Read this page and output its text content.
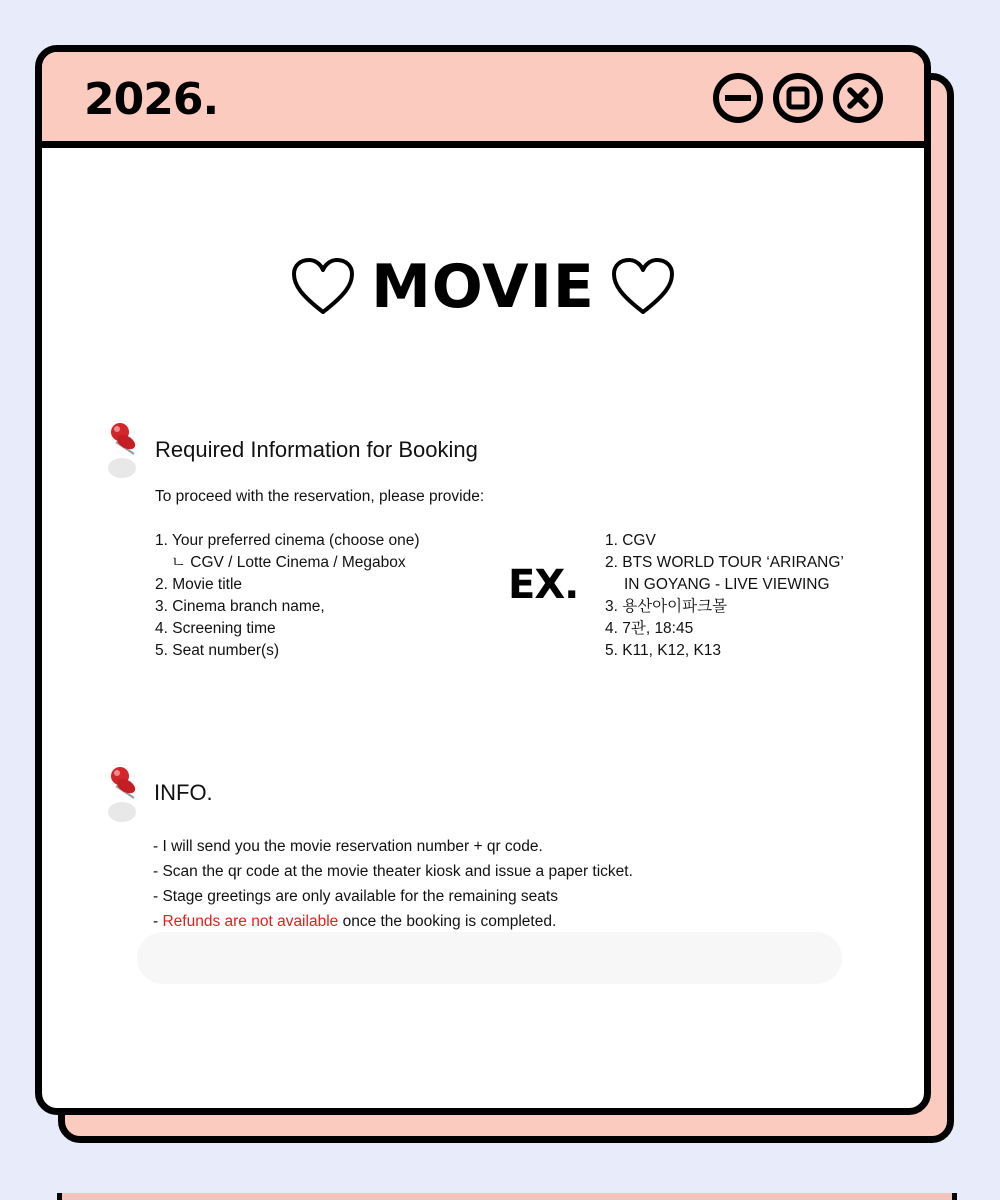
2026.
MOVIE
Required Information for Booking
To proceed with the reservation, please provide:
1. Your preferred cinema (choose one)
ㄴ CGV / Lotte Cinema / Megabox
2. Movie title
3. Cinema branch name,
4. Screening time
5. Seat number(s)
EX.
1. CGV
2. BTS WORLD TOUR ‘ARIRANG’
IN GOYANG - LIVE VIEWING
3. 용산아이파크몰
4. 7관, 18:45
5. K11, K12, K13
INFO.
- I will send you the movie reservation number + qr code.
- Scan the qr code at the movie theater kiosk and issue a paper ticket.
- Stage greetings are only available for the remaining seats
- Refunds are not available once the booking is completed.
